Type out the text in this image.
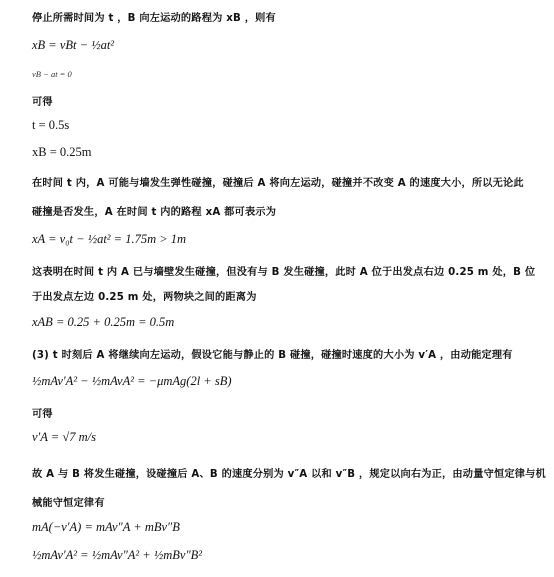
停止所需时间为 t ，B 向左运动的路程为 xB ，则有
xB = vBt − ½at²
vB − at = 0
可得
t = 0.5s
xB = 0.25m
在时间 t 内，A 可能与墙发生弹性碰撞，碰撞后 A 将向左运动，碰撞并不改变 A 的速度大小，所以无论此
碰撞是否发生，A 在时间 t 内的路程 xA 都可表示为
xA = v₀t − ½at² = 1.75m > 1m
这表明在时间 t 内 A 已与墙壁发生碰撞，但没有与 B 发生碰撞，此时 A 位于出发点右边 0.25 m 处，B 位
于出发点左边 0.25 m 处，两物块之间的距离为
xAB = 0.25 + 0.25m = 0.5m
(3) t 时刻后 A 将继续向左运动，假设它能与静止的 B 碰撞，碰撞时速度的大小为 v′A ，由动能定理有
½mAv′A² − ½mAvA² = −μmAg(2l + sB)
可得
v′A = √7 m/s
故 A 与 B 将发生碰撞，设碰撞后 A、B 的速度分别为 v″A 以和 v″B ，规定以向右为正，由动量守恒定律与机
械能守恒定律有
mA(−v′A) = mAv″A + mBv″B
½mAv′A² = ½mAv″A² + ½mBv″B²
